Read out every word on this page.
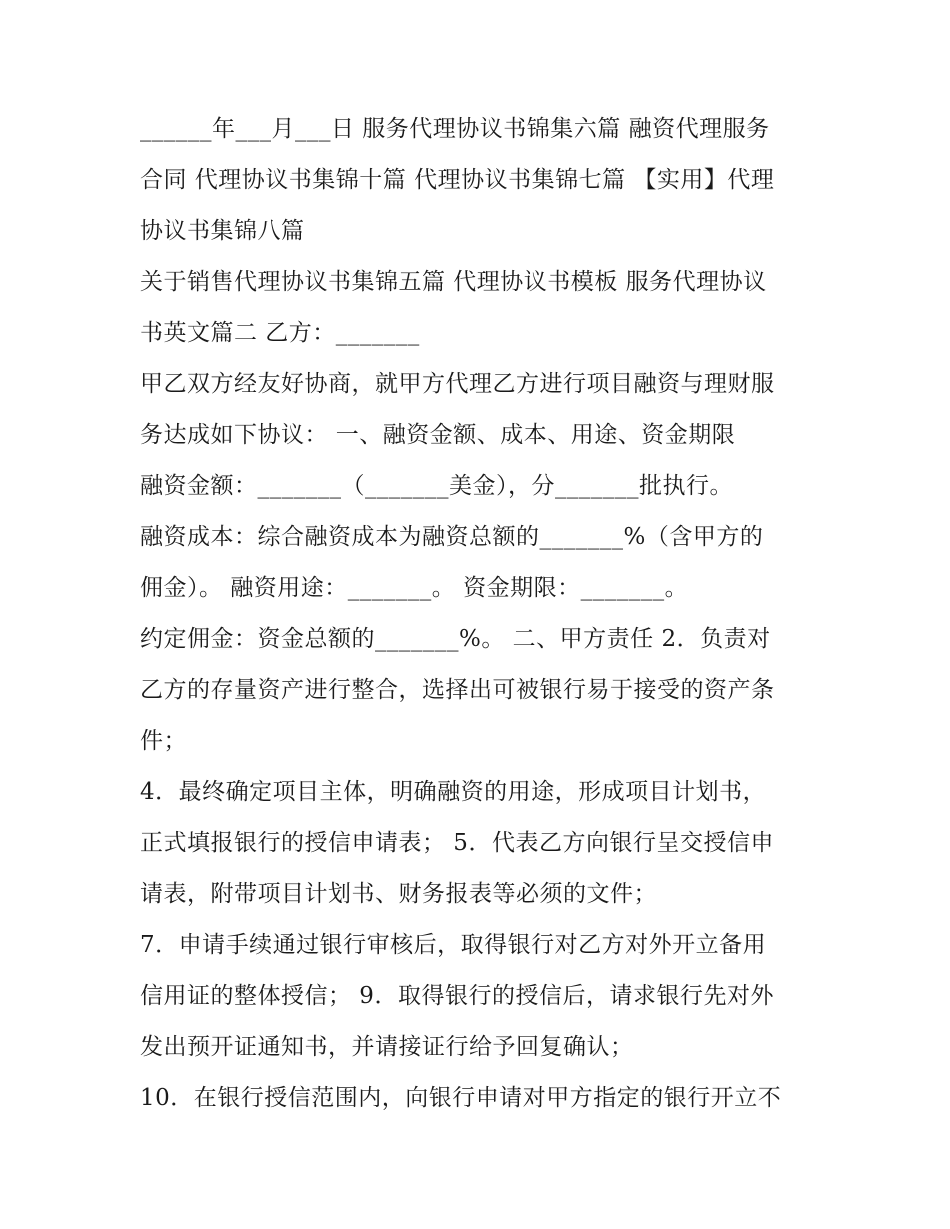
______年___月___日 服务代理协议书锦集六篇 融资代理服务
合同 代理协议书集锦十篇 代理协议书集锦七篇 【实用】代理
协议书集锦八篇
关于销售代理协议书集锦五篇 代理协议书模板 服务代理协议
书英文篇二 乙方：_______
甲乙双方经友好协商，就甲方代理乙方进行项目融资与理财服
务达成如下协议： 一、融资金额、成本、用途、资金期限
融资金额：_______（_______美金），分_______批执行。
融资成本：综合融资成本为融资总额的_______%（含甲方的
佣金）。 融资用途：_______。 资金期限：_______。
约定佣金：资金总额的_______%。 二、甲方责任 2．负责对
乙方的存量资产进行整合，选择出可被银行易于接受的资产条
件；
4．最终确定项目主体，明确融资的用途，形成项目计划书，
正式填报银行的授信申请表； 5．代表乙方向银行呈交授信申
请表，附带项目计划书、财务报表等必须的文件；
7．申请手续通过银行审核后，取得银行对乙方对外开立备用
信用证的整体授信； 9．取得银行的授信后，请求银行先对外
发出预开证通知书，并请接证行给予回复确认；
10．在银行授信范围内，向银行申请对甲方指定的银行开立不
